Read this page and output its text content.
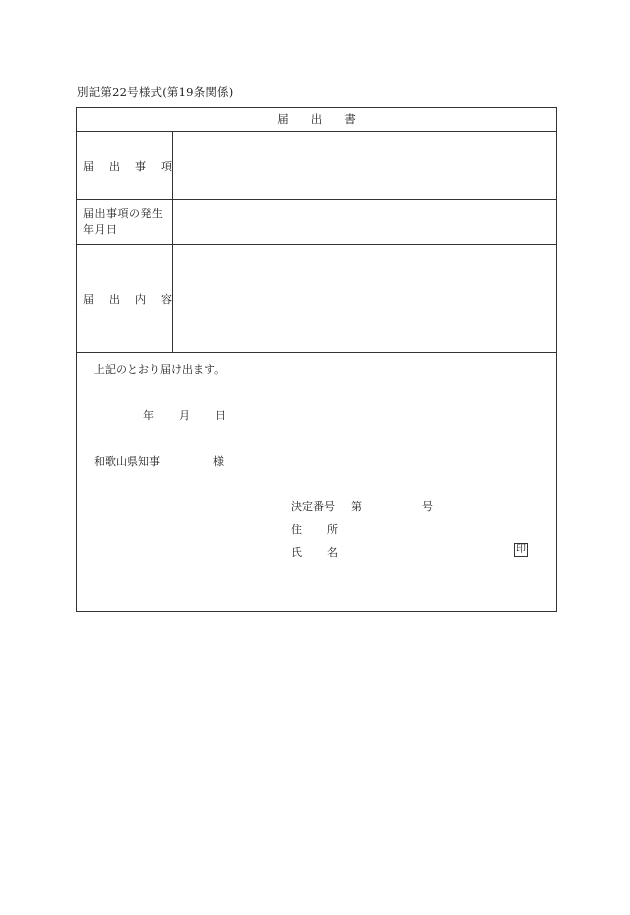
別記第22号様式(第19条関係)
届出書
届出事項
届出事項の発生年月日
届出内容
上記のとおり届け出ます。
年 月 日
和歌山県知事	様
決定番号 第	号
住 所
氏 名	印
